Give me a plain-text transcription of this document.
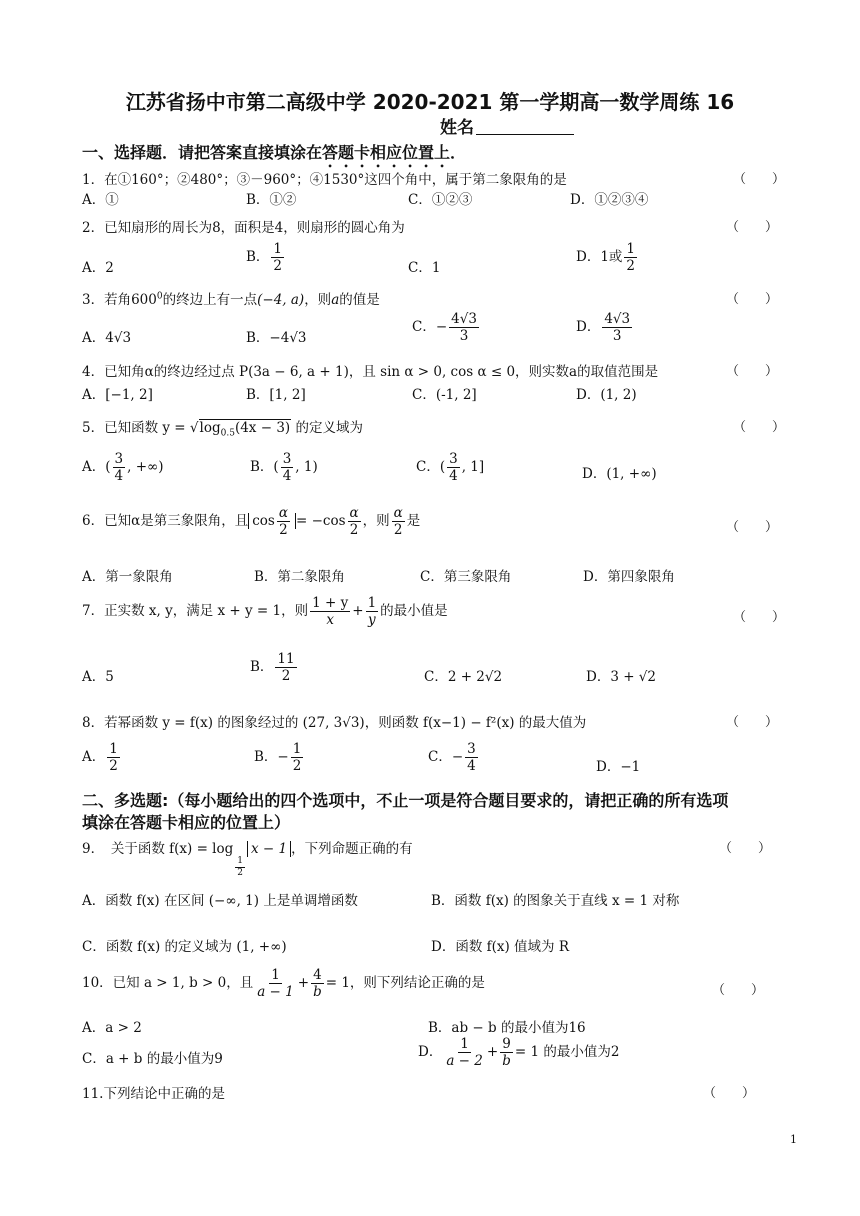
江苏省扬中市第二高级中学 2020-2021 第一学期高一数学周练 16
姓名
一、选择题．请把答案直接填涂在答题卡相应位置上．
1．在①160°；②480°；③－960°；④1530°这四个角中，属于第二象限角的是	（　　）
A．①	B．①②	C．①②③	D．①②③④
2．已知扇形的周长为8，面积是4，则扇形的圆心角为	（　　）
A．2
B． $\frac{1}{2}$	C．1
D．1或 $\frac{1}{2}$
3．若角$600^0$的终边上有一点(−4, a)，则a的值是	（　　）
A．4√3	B．−4√3
C．− $\frac{4√3}{3}$	D． $\frac{4√3}{3}$
4．已知角α的终边经过点 P(3a − 6, a + 1)，且 sin α > 0, cos α ≤ 0，则实数a的取值范围是	（　　）
A．[−1, 2]	B．[1, 2]	C．(-1, 2]	D．(1, 2)
5．已知函数 $y = √\log_{0.5}(4x - 3)$ 的定义域为	（　　）
A．( $\frac{3}{4}$ , +∞)	B．( $\frac{3}{4}$ , 1)	C．( $\frac{3}{4}$ , 1]	D．(1, +∞)
6．已知α是第三象限角，且 $\cos \frac{\alpha}{2} = -\cos \frac{\alpha}{2}$ ，则 $\frac{\alpha}{2}$ 是	（　　）
A．第一象限角	B．第二象限角	C．第三象限角	D．第四象限角
7．正实数 x, y，满足 x + y = 1，则 $\frac{1 + y}{x} + \frac{1}{y}$ 的最小值是	（　　）
A．5
B． $\frac{11}{2}$	C．2 + 2√2	D．3 + √2
8．若幂函数 y = f(x) 的图象经过的 (27, 3√3)，则函数 f(x−1) − f²(x) 的最大值为	（　　）
A． $\frac{1}{2}$	B．− $\frac{1}{2}$	C．− $\frac{3}{4}$	D．−1
二、多选题:（每小题给出的四个选项中，不止一项是符合题目要求的，请把正确的所有选项
填涂在答题卡相应的位置上）
9．　关于函数 f(x) = log
$\frac{1}{2}$
x − 1 ，下列命题正确的有	（　　）
A．函数 f(x) 在区间 (−∞, 1) 上是单调增函数	B．函数 f(x) 的图象关于直线 x = 1 对称
C．函数 f(x) 的定义域为 (1, +∞)	D．函数 f(x) 值域为 R
10．已知 a > 1, b > 0，且 $\frac{1}{a - 1} + \frac{4}{b} = 1$，则下列结论正确的是	（　　）
A．a > 2	B．ab − b 的最小值为16
C．a + b 的最小值为9	D． $\frac{1}{a - 2} + \frac{9}{b} = 1$ 的最小值为2
11.下列结论中正确的是	（　　）
1
